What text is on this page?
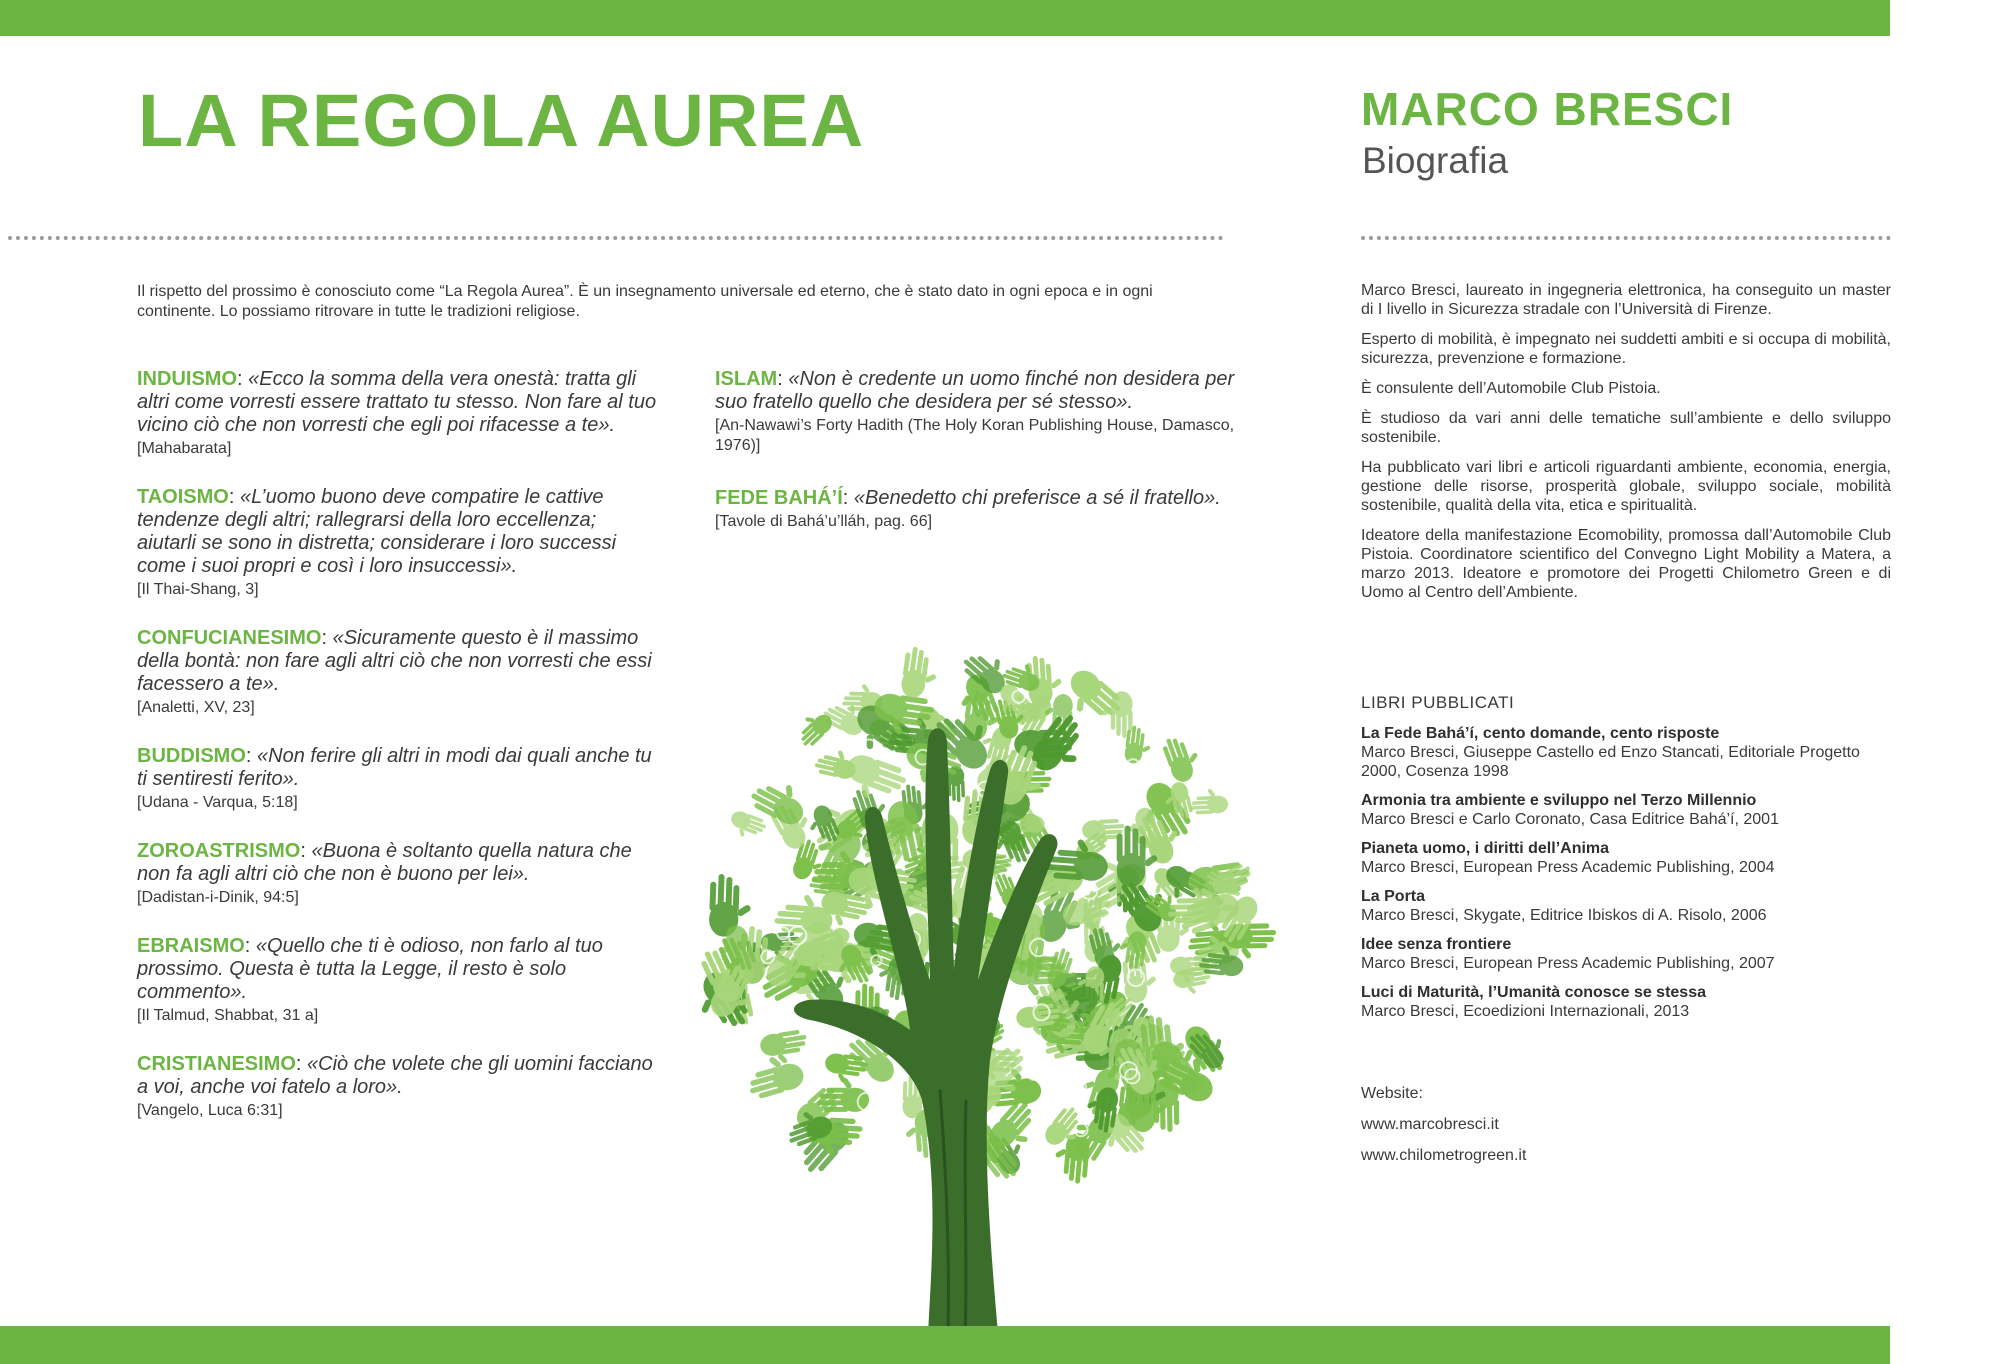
LA REGOLA AUREA	MARCO BRESCI
Biografia

Il rispetto del prossimo è conosciuto come “La Regola Aurea”. È un insegnamento universale ed eterno, che è stato dato in ogni epoca e in ogni continente. Lo possiamo ritrovare in tutte le tradizioni religiose.

INDUISMO: «Ecco la somma della vera onestà: tratta gli altri come vorresti essere trattato tu stesso. Non fare al tuo vicino ciò che non vorresti che egli poi rifacesse a te».
[Mahabarata]
TAOISMO: «L’uomo buono deve compatire le cattive tendenze degli altri; rallegrarsi della loro eccellenza; aiutarli se sono in distretta; considerare i loro successi come i suoi propri e così i loro insuccessi».
[Il Thai-Shang, 3]
CONFUCIANESIMO: «Sicuramente questo è il massimo della bontà: non fare agli altri ciò che non vorresti che essi facessero a te».
[Analetti, XV, 23]
BUDDISMO: «Non ferire gli altri in modi dai quali anche tu ti sentiresti ferito».
[Udana - Varqua, 5:18]
ZOROASTRISMO: «Buona è soltanto quella natura che non fa agli altri ciò che non è buono per lei».
[Dadistan-i-Dinik, 94:5]
EBRAISMO: «Quello che ti è odioso, non farlo al tuo prossimo. Questa è tutta la Legge, il resto è solo commento».
[Il Talmud, Shabbat, 31 a]
CRISTIANESIMO: «Ciò che volete che gli uomini facciano a voi, anche voi fatelo a loro».
[Vangelo, Luca 6:31]
ISLAM: «Non è credente un uomo finché non desidera per suo fratello quello che desidera per sé stesso».
[An-Nawawi’s Forty Hadith (The Holy Koran Publishing House, Damasco, 1976)]
FEDE BAHÁ’Í: «Benedetto chi preferisce a sé il fratello».
[Tavole di Bahá’u’lláh, pag. 66]

Marco Bresci, laureato in ingegneria elettronica, ha conseguito un master di I livello in Sicurezza stradale con l’Università di Firenze.

Esperto di mobilità, è impegnato nei suddetti ambiti e si occupa di mobilità, sicurezza, prevenzione e formazione.

È consulente dell’Automobile Club Pistoia.

È studioso da vari anni delle tematiche sull’ambiente e dello sviluppo sostenibile.

Ha pubblicato vari libri e articoli riguardanti ambiente, economia, energia, gestione delle risorse, prosperità globale, sviluppo sociale, mobilità sostenibile, qualità della vita, etica e spiritualità.

Ideatore della manifestazione Ecomobility, promossa dall’Automobile Club Pistoia. Coordinatore scientifico del Convegno Light Mobility a Matera, a marzo 2013. Ideatore e promotore dei Progetti Chilometro Green e di Uomo al Centro dell’Ambiente.

LIBRI PUBBLICATI
La Fede Bahá’í, cento domande, cento risposte
Marco Bresci, Giuseppe Castello ed Enzo Stancati, Editoriale Progetto 2000, Cosenza 1998
Armonia tra ambiente e sviluppo nel Terzo Millennio
Marco Bresci e Carlo Coronato, Casa Editrice Bahá’í, 2001
Pianeta uomo, i diritti dell’Anima
Marco Bresci, European Press Academic Publishing, 2004
La Porta
Marco Bresci, Skygate, Editrice Ibiskos di A. Risolo, 2006
Idee senza frontiere
Marco Bresci, European Press Academic Publishing, 2007
Luci di Maturità, l’Umanità conosce se stessa
Marco Bresci, Ecoedizioni Internazionali, 2013
Website:
www.marcobresci.it
www.chilometrogreen.it
